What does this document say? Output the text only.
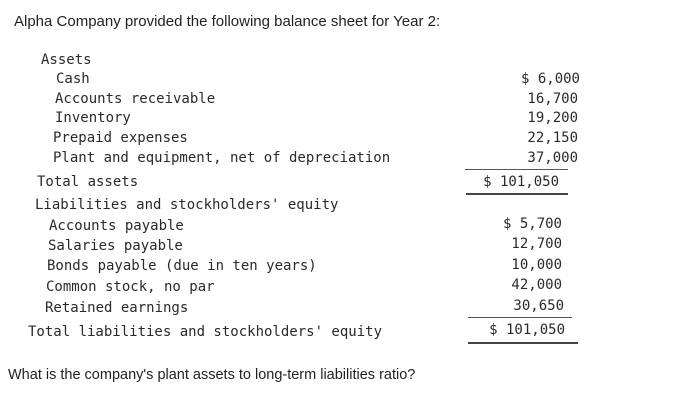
Alpha Company provided the following balance sheet for Year 2:
Assets
Cash	$ 6,000
Accounts receivable	16,700
Inventory	19,200
Prepaid expenses	22,150
Plant and equipment, net of depreciation	37,000
Total assets	$ 101,050
Liabilities and stockholders' equity
Accounts payable	$ 5,700
Salaries payable	12,700
Bonds payable (due in ten years)	10,000
Common stock, no par	42,000
Retained earnings	30,650
Total liabilities and stockholders' equity	$ 101,050
What is the company's plant assets to long-term liabilities ratio?
